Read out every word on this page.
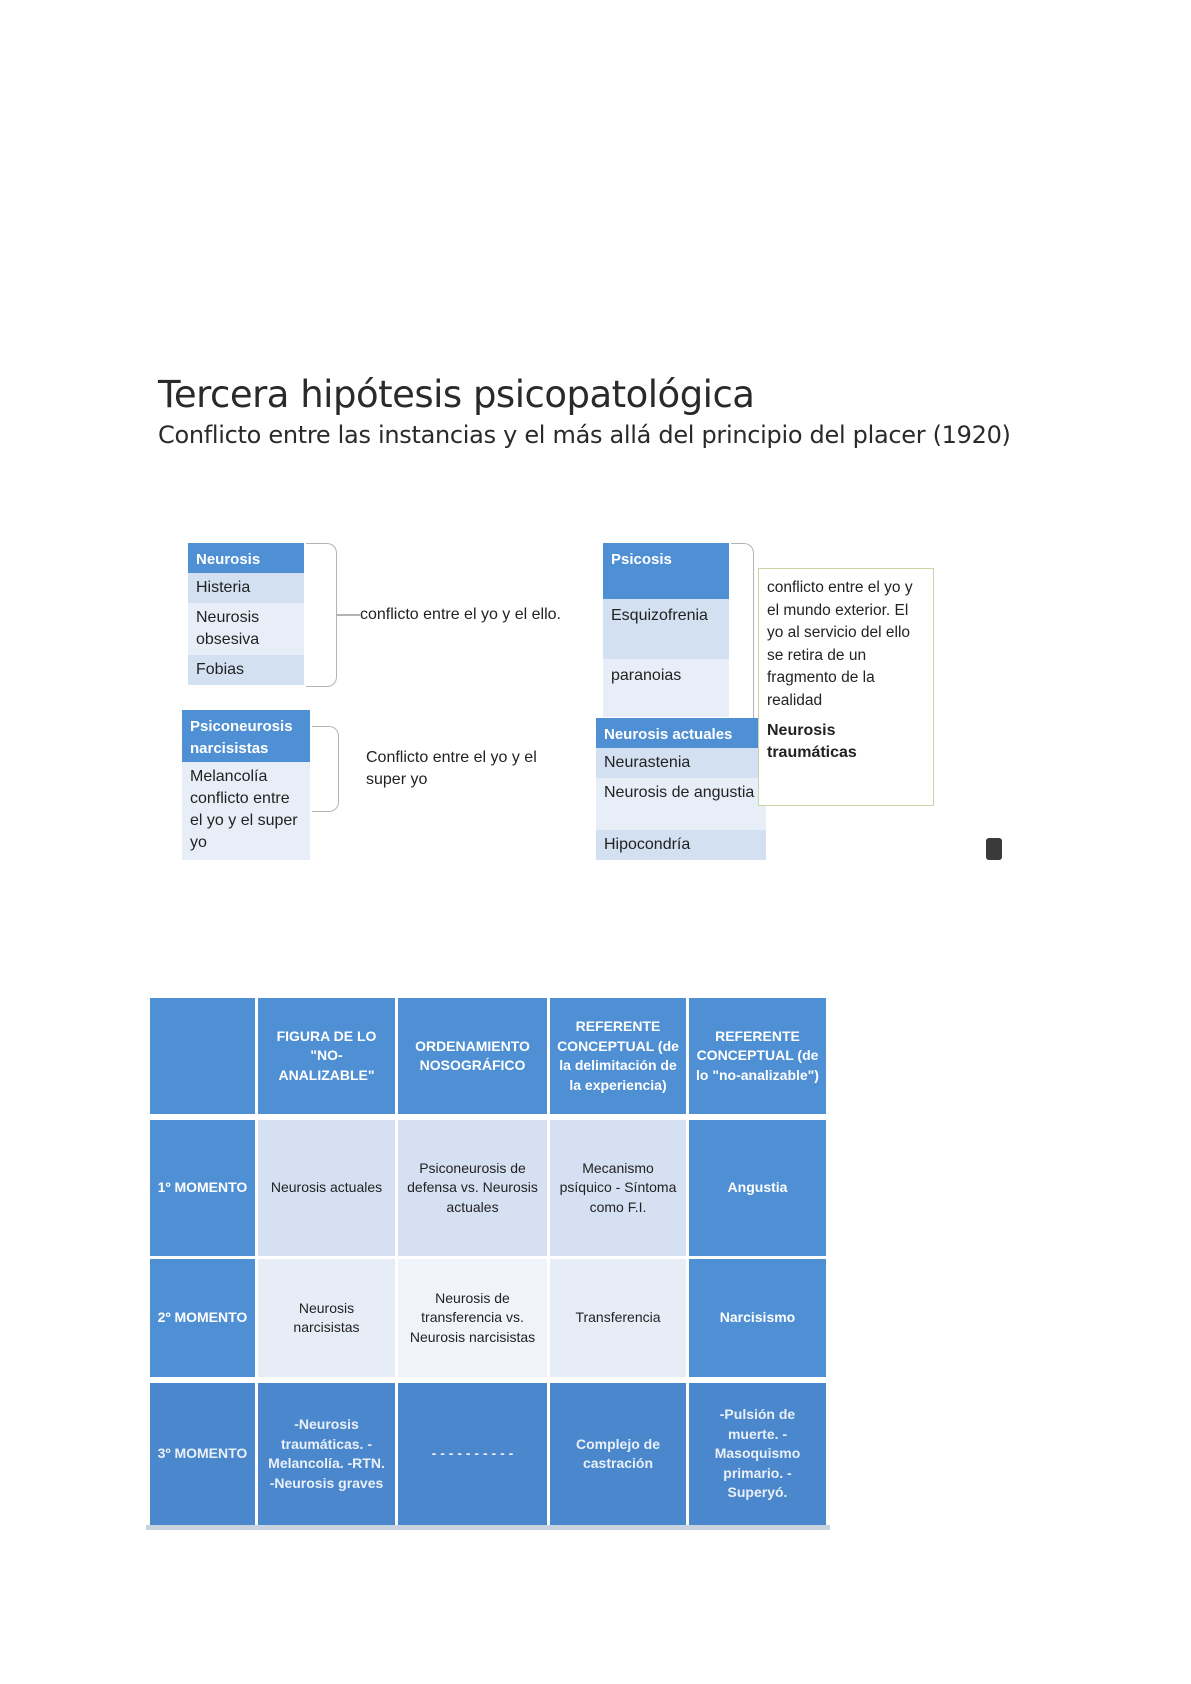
Tercera hipótesis psicopatológica
Conflicto entre las instancias y el más allá del principio del placer (1920)
Neurosis
Histeria
Neurosis obsesiva
Fobias
conflicto entre el yo y el ello.
Psiconeurosis narcisistas
Melancolía conflicto entre el yo y el super yo
Conflicto entre el yo y el super yo
Psicosis
Esquizofrenia
paranoias
Neurosis actuales
Neurastenia
Neurosis de angustia
Hipocondría
conflicto entre el yo y el mundo exterior. El yo al servicio del ello se retira de un fragmento de la realidad
Neurosis traumáticas
FIGURA DE LO "NO-ANALIZABLE"
ORDENAMIENTO NOSOGRÁFICO
REFERENTE CONCEPTUAL (de la delimitación de la experiencia)
REFERENTE CONCEPTUAL (de lo "no-analizable")
1º MOMENTO	Neurosis actuales
Psiconeurosis de defensa vs. Neurosis actuales
Mecanismo psíquico - Síntoma como F.I.
Angustia
2º MOMENTO
Neurosis narcisistas
Neurosis de transferencia vs. Neurosis narcisistas
Transferencia	Narcisismo
3º MOMENTO
-Neurosis traumáticas. -Melancolía. -RTN. -Neurosis graves
- - - - - - - - - -
Complejo de castración
-Pulsión de muerte. -Masoquismo primario. -Superyó.
